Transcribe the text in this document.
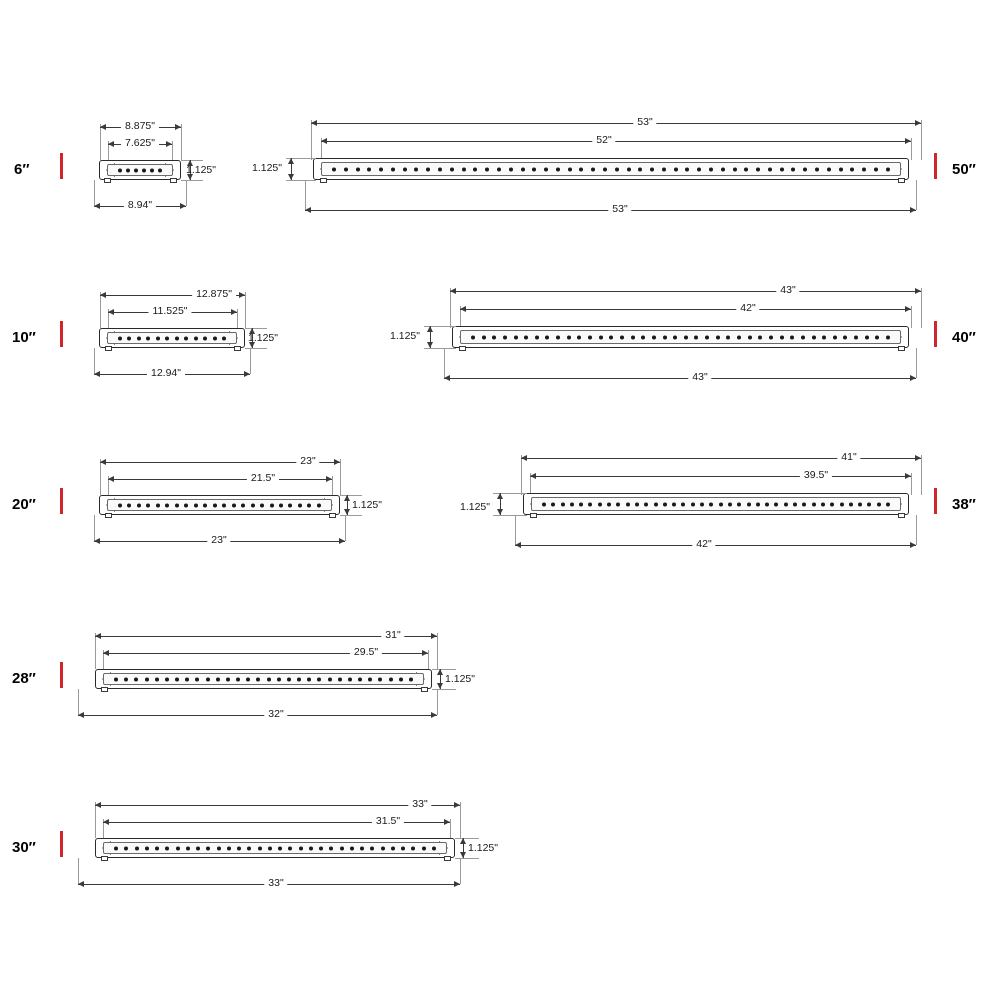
6″
8.875"
7.625"
1.125"
8.94"
50″
53"
52"
1.125"
53"
10″
12.875"
11.525"
1.125"
12.94"
40″
43"
42"
1.125"
43"
20″
23"
21.5"
1.125"
23"
38″
41"
39.5"
1.125"
42"
28″
31"
29.5"
1.125"
32"
30″
33"
31.5"
1.125"
33"
